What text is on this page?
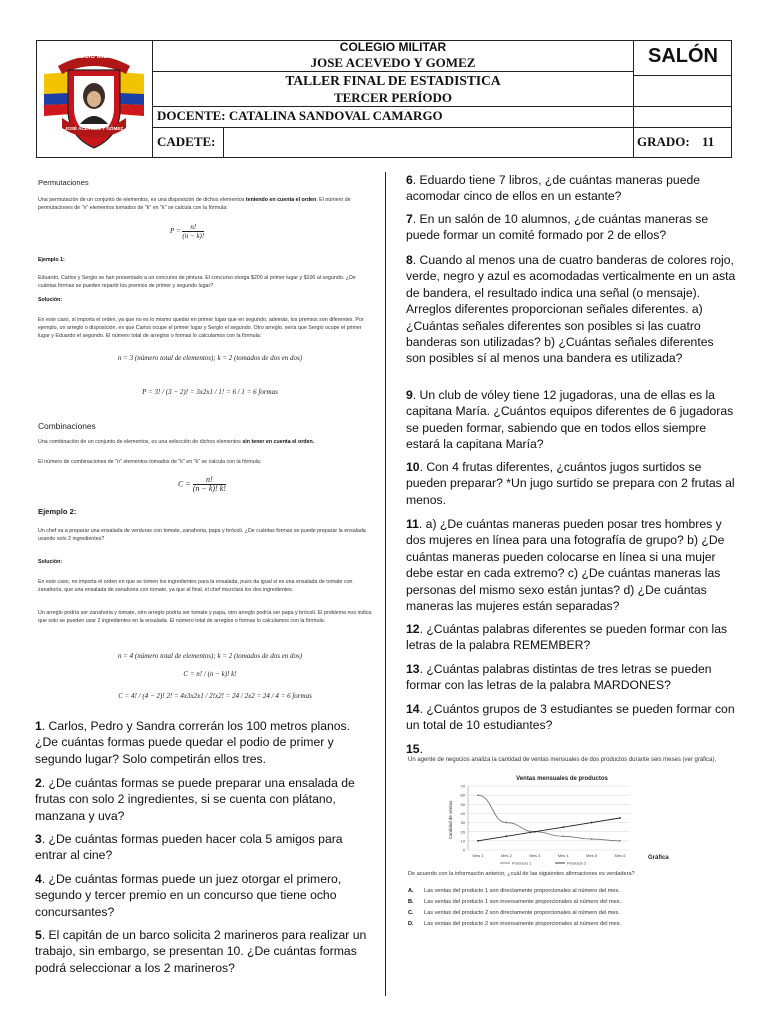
COLEGIO MILITAR
JOSÉ ACEVEDO Y GÓMEZ
COLEGIO MILITAR
JOSE ACEVEDO Y GOMEZ
TALLER FINAL DE ESTADISTICA
TERCER PERÍODO
DOCENTE: CATALINA SANDOVAL CAMARGO
CADETE:	GRADO: 11
SALÓN
Permutaciones
Una permutación de un conjunto de elementos, es una disposición de dichos elementos teniendo en cuenta el orden. El número de permutaciones de "n" elementos tomados de "k" en "k" se calcula con la fórmula:
$P = \frac{n!}{(n - k)!}$
Ejemplo 1:
Eduardo, Carlos y Sergio se han presentado a un concurso de pintura. El concurso otorga $200 al primer lugar y $100 al segundo. ¿De cuántas formas se pueden repartir los premios de primer y segundo lugar?
Solución:
En este caso, sí importa el orden, ya que no es lo mismo quedar en primer lugar que en segundo, además, los premios son diferentes. Por ejemplo, un arreglo o disposición, es que Carlos ocupe el primer lugar y Sergio el segundo. Otro arreglo, sería que Sergio ocupe el primer lugar y Eduardo el segundo. El número total de arreglos o formas lo calculamos con la fórmula:
n = 3 (número total de elementos); k = 2 (tomados de dos en dos)
P = 3! / (3 − 2)! = 3x2x1 / 1! = 6 / 1 = 6 formas
Combinaciones
Una combinación de un conjunto de elementos, es una selección de dichos elementos sin tener en cuenta el orden.
El número de combinaciones de "n" elementos tomados de "k" en "k" se calcula con la fórmula:
$C = \frac{n!}{(n - k)! k!}$
Ejemplo 2:
Un chef va a preparar una ensalada de verduras con tomate, zanahoria, papa y brócoli. ¿De cuántas formas se puede preparar la ensalada usando solo 2 ingredientes?
Solución:
En este caso, no importa el orden en que se tomen los ingredientes para la ensalada, pues da igual si es una ensalada de tomate con zanahoria, que una ensalada de zanahoria con tomate, ya que al final, el chef mezclará los dos ingredientes.
Un arreglo podría ser zanahoria y tomate, otro arreglo podría ser tomate y papa, otro arreglo podría ser papa y brócoli. El problema nos indica que solo se pueden usar 2 ingredientes en la ensalada. El número total de arreglos o formas lo calculamos con la fórmula:
n = 4 (número total de elementos); k = 2 (tomados de dos en dos)
C = n! / (n − k)! k!
C = 4! / (4 − 2)! 2! = 4x3x2x1 / 2!x2! = 24 / 2x2 = 24 / 4 = 6 formas
1. Carlos, Pedro y Sandra correrán los 100 metros planos. ¿De cuántas formas puede quedar el podio de primer y segundo lugar? Solo competirán ellos tres.
2. ¿De cuántas formas se puede preparar una ensalada de frutas con solo 2 ingredientes, si se cuenta con plátano, manzana y uva?
3. ¿De cuántas formas pueden hacer cola 5 amigos para entrar al cine?
4. ¿De cuántas formas puede un juez otorgar el primero, segundo y tercer premio en un concurso que tiene ocho concursantes?
5. El capitán de un barco solicita 2 marineros para realizar un trabajo, sin embargo, se presentan 10. ¿De cuántas formas podrá seleccionar a los 2 marineros?
6. Eduardo tiene 7 libros, ¿de cuántas maneras puede acomodar cinco de ellos en un estante?
7. En un salón de 10 alumnos, ¿de cuántas maneras se puede formar un comité formado por 2 de ellos?
8. Cuando al menos una de cuatro banderas de colores rojo, verde, negro y azul es acomodadas verticalmente en un asta de bandera, el resultado indica una señal (o mensaje). Arreglos diferentes proporcionan señales diferentes. a) ¿Cuántas señales diferentes son posibles si las cuatro banderas son utilizadas? b) ¿Cuántas señales diferentes son posibles sí al menos una bandera es utilizada?
9. Un club de vóley tiene 12 jugadoras, una de ellas es la capitana María. ¿Cuántos equipos diferentes de 6 jugadoras se pueden formar, sabiendo que en todos ellos siempre estará la capitana María?
10. Con 4 frutas diferentes, ¿cuántos jugos surtidos se pueden preparar? *Un jugo surtido se prepara con 2 frutas al menos.
11. a) ¿De cuántas maneras pueden posar tres hombres y dos mujeres en línea para una fotografía de grupo? b) ¿De cuántas maneras pueden colocarse en línea si una mujer debe estar en cada extremo? c) ¿De cuántas maneras las personas del mismo sexo están juntas? d) ¿De cuántas maneras las mujeres están separadas?
12. ¿Cuántas palabras diferentes se pueden formar con las letras de la palabra REMEMBER?
13. ¿Cuántas palabras distintas de tres letras se pueden formar con las letras de la palabra MARDONES?
14. ¿Cuántos grupos de 3 estudiantes se pueden formar con un total de 10 estudiantes?
15.
Un agente de negocios analiza la cantidad de ventas mensuales de dos productos durante seis meses (ver gráfica).
Ventas mensuales de productos
Cantidad de ventas
0
10
20
30
40
50
60
70
Mes 1	Mes 2	Mes 3	Mes 4	Mes 5	Mes 6
Producto 1	Producto 2
Gráfica
De acuerdo con la información anterior, ¿cuál de las siguientes afirmaciones es verdadera?
A. Las ventas del producto 1 son directamente proporcionales al número del mes.
B. Las ventas del producto 1 son inversamente proporcionales al número del mes.
C. Las ventas del producto 2 son directamente proporcionales al número del mes.
D. Las ventas del producto 2 son inversamente proporcionales al número del mes.
